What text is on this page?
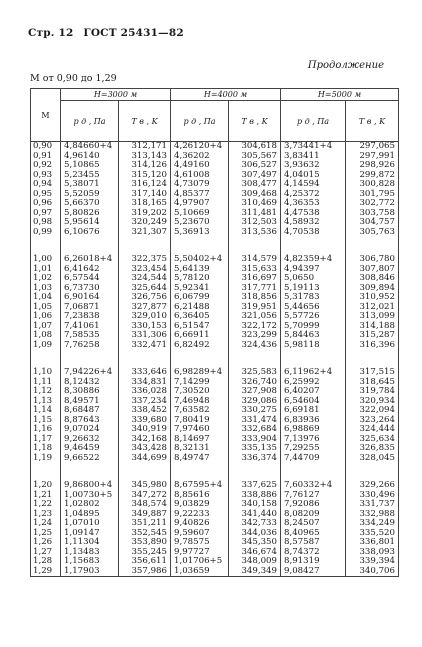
Стр. 12 ГОСТ 25431—82
Продолжение
M от 0,90 до 1,29
M	H=3000 м		H=4000 м		H=5000 м	
	p д , Па	T в , K	p д , Па	T в , K	p д , Па	T в , K
0,90	4,84660+4	312,171	4,26120+4	304,618	3,73441+4	297,065
0,91	4,96140	313,143	4,36202	305,567	3,83411	297,991
0,92	5,10865	314,126	4,49160	306,527	3,93632	298,926
0,93	5,23455	315,120	4,61008	307,497	4,04015	299,872
0,94	5,38071	316,124	4,73079	308,477	4,14594	300,828
0,95	5,52059	317,140	4,85377	309,468	4,25372	301,795
0,96	5,66370	318,165	4,97907	310,469	4,36353	302,772
0,97	5,80826	319,202	5,10669	311,481	4,47538	303,758
0,98	5,95614	320,249	5,23670	312,503	4,58932	304,757
0,99	6,10676	321,307	5,36913	313,536	4,70538	305,763

1,00	6,26018+4	322,375	5,50402+4	314,579	4,82359+4	306,780
1,01	6,41642	323,454	5,64139	315,633	4,94397	307,807
1,02	6,57544	324,544	5,78120	316,697	5,0650	308,846
1,03	6,73730	325,644	5,92341	317,771	5,19113	309,894
1,04	6,90164	326,756	6,06799	318,856	5,31783	310,952
1,05	7,06871	327,877	6,21488	319,951	5,44656	312,021
1,06	7,23838	329,010	6,36405	321,056	5,57726	313,099
1,07	7,41061	330,153	6,51547	322,172	5,70999	314,188
1,08	7,58535	331,306	6,66911	323,299	5,84463	315,287
1,09	7,76258	332,471	6,82492	324,436	5,98118	316,396

1,10	7,94226+4	333,646	6,98289+4	325,583	6,11962+4	317,515
1,11	8,12432	334,831	7,14299	326,740	6,25992	318,645
1,12	8,30886	336,028	7,30520	327,908	6,40207	319,784
1,13	8,49571	337,234	7,46948	329,086	6,54604	320,934
1,14	8,68487	338,452	7,63582	330,275	6,69181	322,094
1,15	8,87643	339,680	7,80419	331,474	6,83936	323,264
1,16	9,07024	340,919	7,97460	332,684	6,98869	324,444
1,17	9,26632	342,168	8,14697	333,904	7,13976	325,634
1,18	9,46459	343,428	8,32131	335,135	7,29255	326,835
1,19	9,66522	344,699	8,49747	336,374	7,44709	328,045

1,20	9,86800+4	345,980	8,67595+4	337,625	7,60332+4	329,266
1,21	1,00730+5	347,272	8,85616	338,886	7,76127	330,496
1,22	1,02802	348,574	9,03829	340,158	7,92086	331,737
1,23	1,04895	349,887	9,22233	341,440	8,08209	332,988
1,24	1,07010	351,211	9,40826	342,733	8,24507	334,249
1,25	1,09147	352,545	9,59607	344,036	8,40965	335,520
1,26	1,11304	353,890	9,78575	345,350	8,57587	336,801
1,27	1,13483	355,245	9,97727	346,674	8,74372	338,093
1,28	1,15683	356,611	1,01706+5	348,009	8,91319	339,394
1,29	1,17903	357,986	1,03659	349,349	9,08427	340,706
